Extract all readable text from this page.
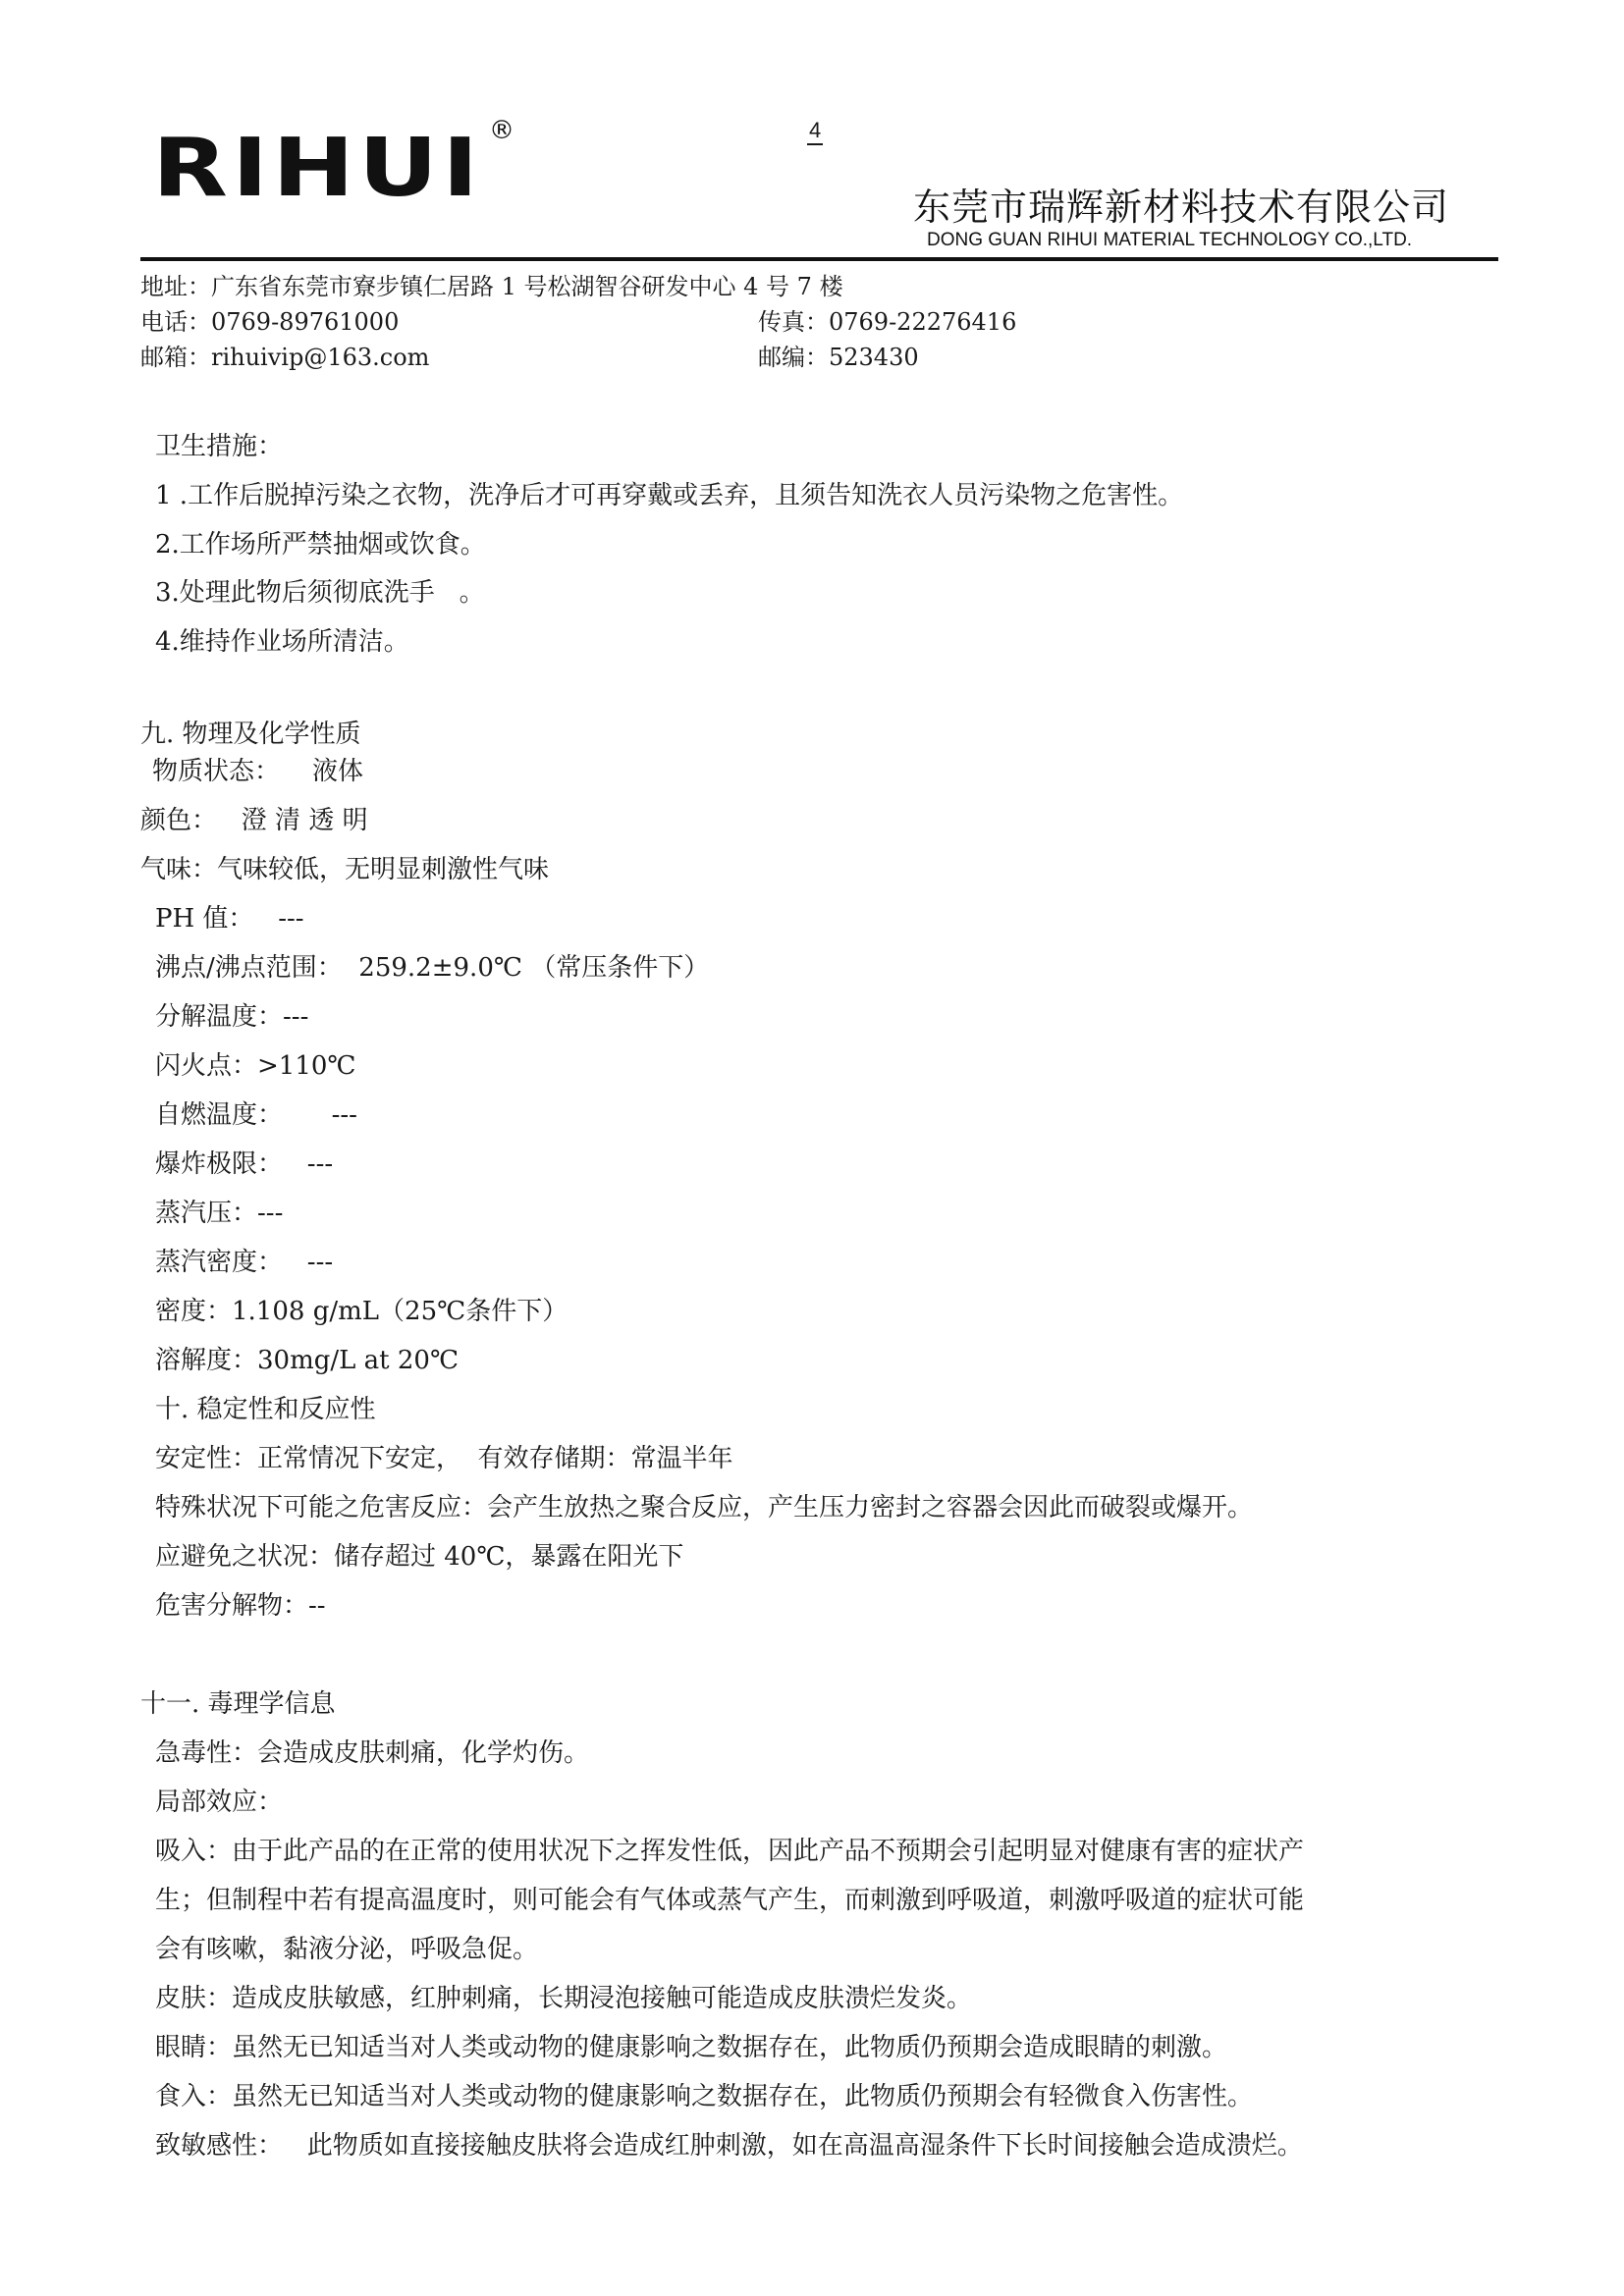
4
RIHUI ®
东莞市瑞辉新材料技术有限公司
DONG GUAN RIHUI MATERIAL TECHNOLOGY CO.,LTD.
地址：广东省东莞市寮步镇仁居路 1 号松湖智谷研发中心 4 号 7 楼
电话：0769-89761000	传真：0769-22276416
邮箱：rihuivip@163.com	邮编：523430
卫生措施：
1 .工作后脱掉污染之衣物，洗净后才可再穿戴或丢弃，且须告知洗衣人员污染物之危害性。
2.工作场所严禁抽烟或饮食。
3.处理此物后须彻底洗手   。
4.维持作业场所清洁。
九. 物理及化学性质
物质状态：    液体
颜色：   澄 清 透 明
气味：气味较低，无明显刺激性气味
PH 值：   ---
沸点/沸点范围：  259.2±9.0℃ （常压条件下）
分解温度：---
闪火点：>110℃
自燃温度：      ---
爆炸极限：   ---
蒸汽压：---
蒸汽密度：   ---
密度：1.108 g/mL（25℃条件下）
溶解度：30mg/L at 20℃
十. 稳定性和反应性
安定性：正常情况下安定，  有效存储期：常温半年
特殊状况下可能之危害反应：会产生放热之聚合反应，产生压力密封之容器会因此而破裂或爆开。
应避免之状况：储存超过 40℃，暴露在阳光下
危害分解物：--
十一. 毒理学信息
急毒性：会造成皮肤刺痛，化学灼伤。
局部效应：
吸入：由于此产品的在正常的使用状况下之挥发性低，因此产品不预期会引起明显对健康有害的症状产
生；但制程中若有提高温度时，则可能会有气体或蒸气产生，而刺激到呼吸道，刺激呼吸道的症状可能
会有咳嗽，黏液分泌，呼吸急促。
皮肤：造成皮肤敏感，红肿刺痛，长期浸泡接触可能造成皮肤溃烂发炎。
眼睛：虽然无已知适当对人类或动物的健康影响之数据存在，此物质仍预期会造成眼睛的刺激。
食入：虽然无已知适当对人类或动物的健康影响之数据存在，此物质仍预期会有轻微食入伤害性。
致敏感性：   此物质如直接接触皮肤将会造成红肿刺激，如在高温高湿条件下长时间接触会造成溃烂。
